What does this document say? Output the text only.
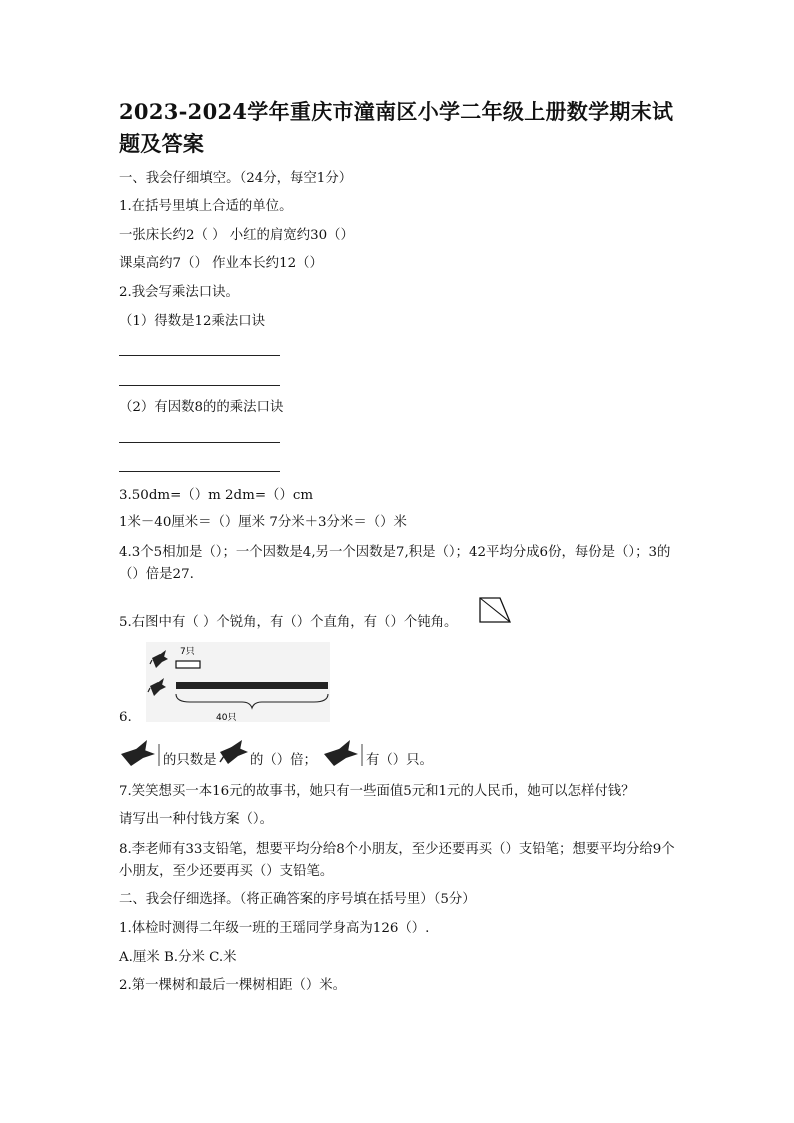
2023-2024学年重庆市潼南区小学二年级上册数学期末试题及答案
一、我会仔细填空。（24分，每空1分）
1.在括号里填上合适的单位。
一张床长约2（ ） 小红的肩宽约30（）
课桌高约7（） 作业本长约12（）
2.我会写乘法口诀。
（1）得数是12乘法口诀
（2）有因数8的的乘法口诀
3.50dm=（）m 2dm=（）cm
1米－40厘米＝（）厘米 7分米＋3分米＝（）米
4.3个5相加是（）；一个因数是4,另一个因数是7,积是（）；42平均分成6份，每份是（）；3的（）倍是27.
5.右图中有（ ）个锐角，有（）个直角，有（）个钝角。
7只
40只
6.
的只数是 的（）倍；	有（）只。
7.笑笑想买一本16元的故事书，她只有一些面值5元和1元的人民币，她可以怎样付钱？
请写出一种付钱方案（）。
8.李老师有33支铅笔，想要平均分给8个小朋友，至少还要再买（）支铅笔；想要平均分给9个小朋友，至少还要再买（）支铅笔。
二、我会仔细选择。（将正确答案的序号填在括号里）（5分）
1.体检时测得二年级一班的王瑶同学身高为126（）.
A.厘米 B.分米 C.米
2.第一棵树和最后一棵树相距（）米。
